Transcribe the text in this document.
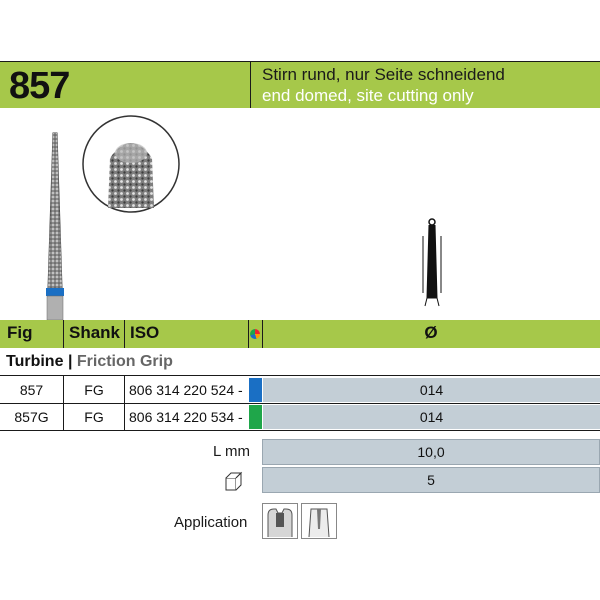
857	Stirn rund, nur Seite schneidend
end domed, site cutting only
Fig Shank ISO	Ø
Turbine | Friction Grip
857	FG	806 314 220 524 -	014
857G	FG	806 314 220 534 -	014
L mm	10,0
5
Application
